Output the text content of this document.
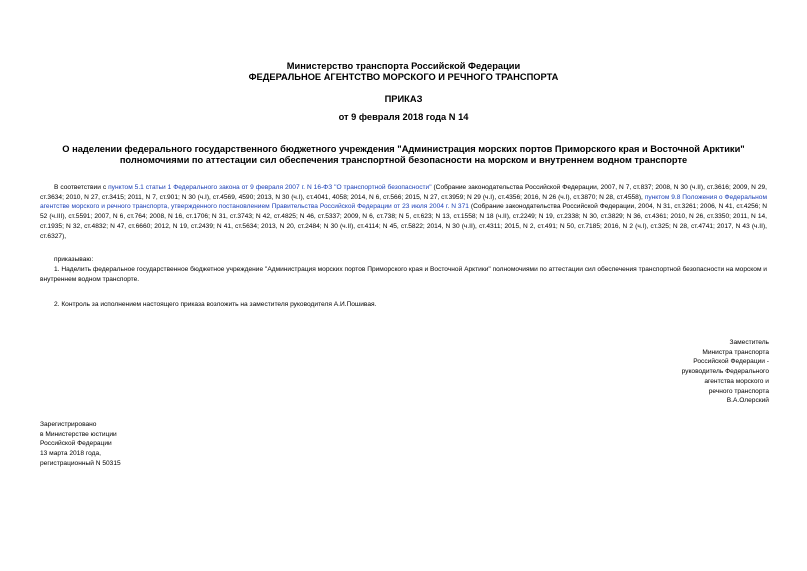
Министерство транспорта Российской Федерации
ФЕДЕРАЛЬНОЕ АГЕНТСТВО МОРСКОГО И РЕЧНОГО ТРАНСПОРТА
ПРИКАЗ
от 9 февраля 2018 года N 14
О наделении федерального государственного бюджетного учреждения "Администрация морских портов Приморского края и Восточной Арктики" полномочиями по аттестации сил обеспечения транспортной безопасности на морском и внутреннем водном транспорте
В соответствии с пунктом 5.1 статьи 1 Федерального закона от 9 февраля 2007 г. N 16-ФЗ "О транспортной безопасности" (Собрание законодательства Российской Федерации, 2007, N 7, ст.837; 2008, N 30 (ч.II), ст.3616; 2009, N 29, ст.3634; 2010, N 27, ст.3415; 2011, N 7, ст.901; N 30 (ч.I), ст.4569, 4590; 2013, N 30 (ч.I), ст.4041, 4058; 2014, N 6, ст.566; 2015, N 27, ст.3959; N 29 (ч.I), ст.4356; 2016, N 26 (ч.I), ст.3870; N 28, ст.4558), пунктом 9.8 Положения о Федеральном агентстве морского и речного транспорта, утвержденного постановлением Правительства Российской Федерации от 23 июля 2004 г. N 371 (Собрание законодательства Российской Федерации, 2004, N 31, ст.3261; 2006, N 41, ст.4256; N 52 (ч.III), ст.5591; 2007, N 6, ст.764; 2008, N 16, ст.1706; N 31, ст.3743; N 42, ст.4825; N 46, ст.5337; 2009, N 6, ст.738; N 5, ст.623; N 13, ст.1558; N 18 (ч.II), ст.2249; N 19, ст.2338; N 30, ст.3829; N 36, ст.4361; 2010, N 26, ст.3350; 2011, N 14, ст.1935; N 32, ст.4832; N 47, ст.6660; 2012, N 19, ст.2439; N 41, ст.5634; 2013, N 20, ст.2484; N 30 (ч.II), ст.4114; N 45, ст.5822; 2014, N 30 (ч.II), ст.4311; 2015, N 2, ст.491; N 50, ст.7185; 2016, N 2 (ч.I), ст.325; N 28, ст.4741; 2017, N 43 (ч.II), ст.6327),
приказываю:
1. Наделить федеральное государственное бюджетное учреждение "Администрация морских портов Приморского края и Восточной Арктики" полномочиями по аттестации сил обеспечения транспортной безопасности на морском и внутреннем водном транспорте.
2. Контроль за исполнением настоящего приказа возложить на заместителя руководителя А.И.Пошивая.
Заместитель
Министра транспорта
Российской Федерации -
руководитель Федерального
агентства морского и
речного транспорта
В.А.Олерский
Зарегистрировано
в Министерстве юстиции
Российской Федерации
13 марта 2018 года,
регистрационный N 50315
